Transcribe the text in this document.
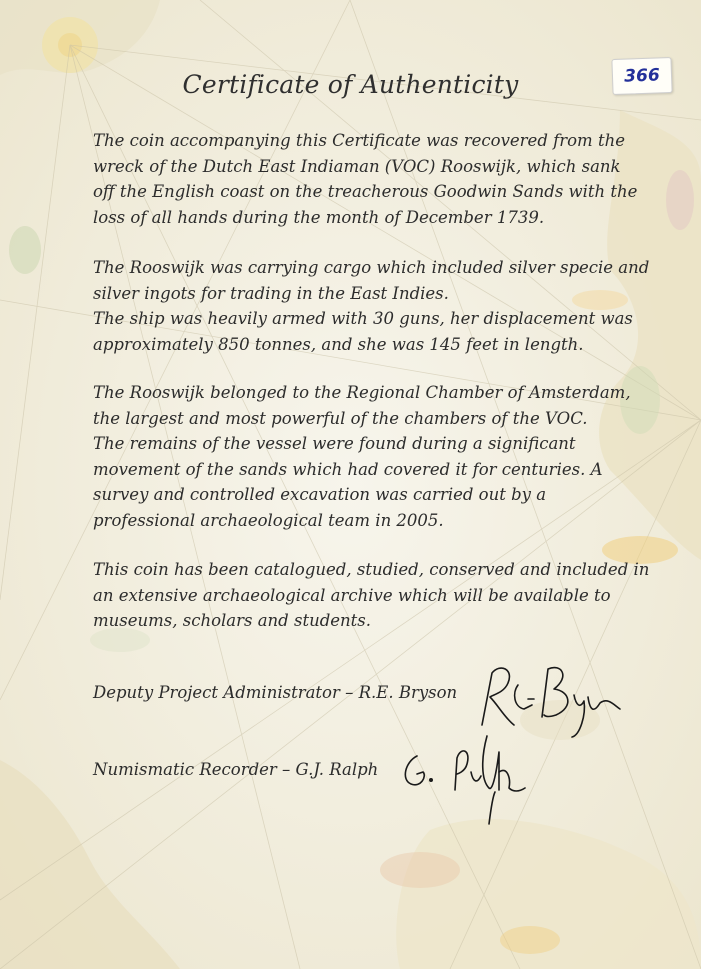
366
Certificate of Authenticity

The coin accompanying this Certificate was recovered from the
wreck of the Dutch East Indiaman (VOC) Rooswijk, which sank
off the English coast on the treacherous Goodwin Sands with the
loss of all hands during the month of December 1739.

The Rooswijk was carrying cargo which included silver specie and
silver ingots for trading in the East Indies.
The ship was heavily armed with 30 guns, her displacement was
approximately 850 tonnes, and she was 145 feet in length.

The Rooswijk belonged to the Regional Chamber of Amsterdam,
the largest and most powerful of the chambers of the VOC.
The remains of the vessel were found during a significant
movement of the sands which had covered it for centuries. A
survey and controlled excavation was carried out by a
professional archaeological team in 2005.

This coin has been catalogued, studied, conserved and included in
an extensive archaeological archive which will be available to
museums, scholars and students.

Deputy Project Administrator – R.E. Bryson

Numismatic Recorder – G.J. Ralph
